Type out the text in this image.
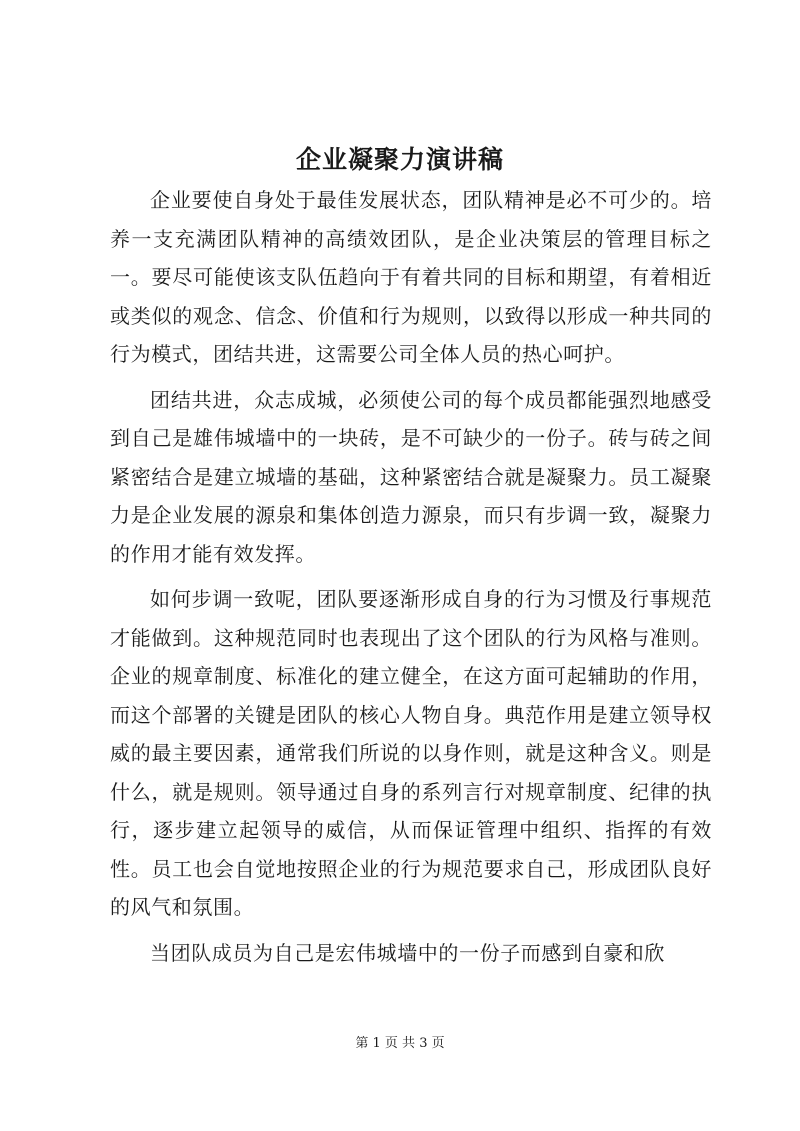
企业凝聚力演讲稿

企业要使自身处于最佳发展状态，团队精神是必不可少的。培养一支充满团队精神的高绩效团队，是企业决策层的管理目标之一。要尽可能使该支队伍趋向于有着共同的目标和期望，有着相近或类似的观念、信念、价值和行为规则，以致得以形成一种共同的行为模式，团结共进，这需要公司全体人员的热心呵护。

团结共进，众志成城，必须使公司的每个成员都能强烈地感受到自己是雄伟城墙中的一块砖，是不可缺少的一份子。砖与砖之间紧密结合是建立城墙的基础，这种紧密结合就是凝聚力。员工凝聚力是企业发展的源泉和集体创造力源泉，而只有步调一致，凝聚力的作用才能有效发挥。

如何步调一致呢，团队要逐渐形成自身的行为习惯及行事规范才能做到。这种规范同时也表现出了这个团队的行为风格与准则。企业的规章制度、标准化的建立健全，在这方面可起辅助的作用，而这个部署的关键是团队的核心人物自身。典范作用是建立领导权威的最主要因素，通常我们所说的以身作则，就是这种含义。则是什么，就是规则。领导通过自身的系列言行对规章制度、纪律的执行，逐步建立起领导的威信，从而保证管理中组织、指挥的有效性。员工也会自觉地按照企业的行为规范要求自己，形成团队良好的风气和氛围。

当团队成员为自己是宏伟城墙中的一份子而感到自豪和欣

第 1 页 共 3 页
